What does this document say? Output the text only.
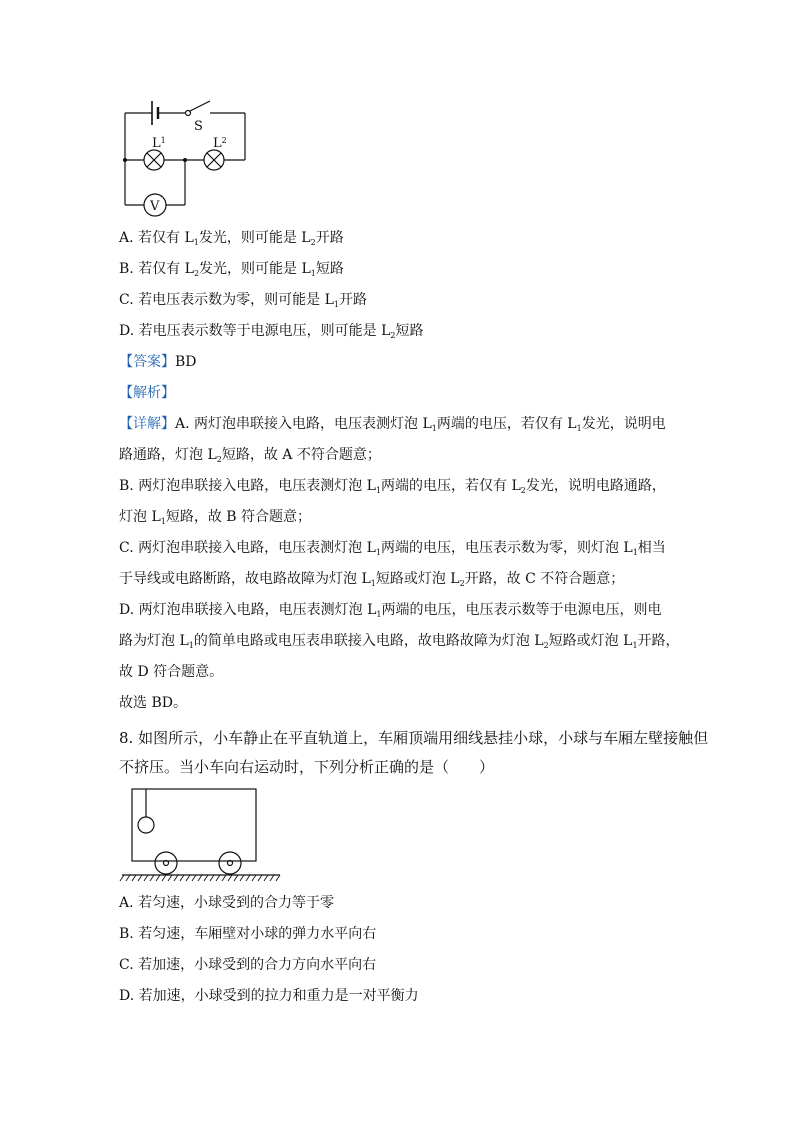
S
$L^1$	$L^2$
V
A. 若仅有 $L_1$发光，则可能是 $L_2$开路
B. 若仅有 $L_2$发光，则可能是 $L_1$短路
C. 若电压表示数为零，则可能是 $L_1$开路
D. 若电压表示数等于电源电压，则可能是 $L_2$短路
【答案】BD
【解析】
【详解】A. 两灯泡串联接入电路，电压表测灯泡 $L_1$两端的电压，若仅有 $L_1$发光，说明电
路通路，灯泡 $L_2$短路，故 A 不符合题意；
B. 两灯泡串联接入电路，电压表测灯泡 $L_1$两端的电压，若仅有 $L_2$发光，说明电路通路，
灯泡 $L_1$短路，故 B 符合题意；
C. 两灯泡串联接入电路，电压表测灯泡 $L_1$两端的电压，电压表示数为零，则灯泡 $L_1$相当
于导线或电路断路，故电路故障为灯泡 $L_1$短路或灯泡 $L_2$开路，故 C 不符合题意；
D. 两灯泡串联接入电路，电压表测灯泡 $L_1$两端的电压，电压表示数等于电源电压，则电
路为灯泡 $L_1$的简单电路或电压表串联接入电路，故电路故障为灯泡 $L_2$短路或灯泡 $L_1$开路，
故 D 符合题意。
故选 BD。
8. 如图所示，小车静止在平直轨道上，车厢顶端用细线悬挂小球，小球与车厢左壁接触但
不挤压。当小车向右运动时，下列分析正确的是（　　）
A. 若匀速，小球受到的合力等于零
B. 若匀速，车厢壁对小球的弹力水平向右
C. 若加速，小球受到的合力方向水平向右
D. 若加速，小球受到的拉力和重力是一对平衡力
